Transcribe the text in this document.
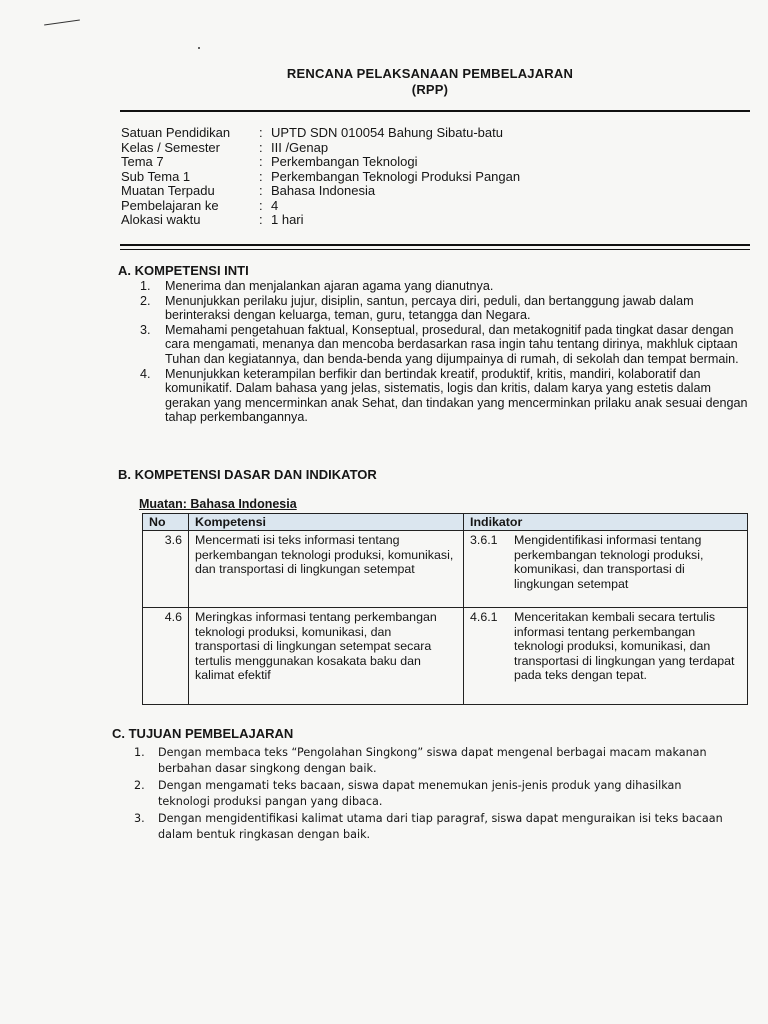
RENCANA PELAKSANAAN PEMBELAJARAN
(RPP)
Satuan Pendidikan	: UPTD SDN 010054 Bahung Sibatu-batu
Kelas / Semester	: III /Genap
Tema 7	: Perkembangan Teknologi
Sub Tema 1	: Perkembangan Teknologi Produksi Pangan
Muatan Terpadu	: Bahasa Indonesia
Pembelajaran ke	: 4
Alokasi waktu	: 1 hari
A. KOMPETENSI INTI
1.	Menerima dan menjalankan ajaran agama yang dianutnya.
2.	Menunjukkan perilaku jujur, disiplin, santun, percaya diri, peduli, dan bertanggung jawab dalam berinteraksi dengan keluarga, teman, guru, tetangga dan Negara.
3.	Memahami pengetahuan faktual, Konseptual, prosedural, dan metakognitif pada tingkat dasar dengan cara mengamati, menanya dan mencoba berdasarkan rasa ingin tahu tentang dirinya, makhluk ciptaan Tuhan dan kegiatannya, dan benda-benda yang dijumpainya di rumah, di sekolah dan tempat bermain.
4.	Menunjukkan keterampilan berfikir dan bertindak kreatif, produktif, kritis, mandiri, kolaboratif dan komunikatif. Dalam bahasa yang jelas, sistematis, logis dan kritis, dalam karya yang estetis dalam gerakan yang mencerminkan anak Sehat, dan tindakan yang mencerminkan prilaku anak sesuai dengan tahap perkembangannya.
B. KOMPETENSI DASAR DAN INDIKATOR
Muatan: Bahasa Indonesia
No	Kompetensi	Indikator
3.6	Mencermati isi teks informasi tentang perkembangan teknologi produksi, komunikasi, dan transportasi di lingkungan setempat	3.6.1 Mengidentifikasi informasi tentang perkembangan teknologi produksi, komunikasi, dan transportasi di lingkungan setempat

4.6	Meringkas informasi tentang perkembangan teknologi produksi, komunikasi, dan transportasi di lingkungan setempat secara tertulis menggunakan kosakata baku dan kalimat efektif	4.6.1 Menceritakan kembali secara tertulis informasi tentang perkembangan teknologi produksi, komunikasi, dan transportasi di lingkungan yang terdapat pada teks dengan tepat.
C. TUJUAN PEMBELAJARAN
1.	Dengan membaca teks “Pengolahan Singkong” siswa dapat mengenal berbagai macam makanan berbahan dasar singkong dengan baik.
2.	Dengan mengamati teks bacaan, siswa dapat menemukan jenis-jenis produk yang dihasilkan teknologi produksi pangan yang dibaca.
3.	Dengan mengidentifikasi kalimat utama dari tiap paragraf, siswa dapat menguraikan isi teks bacaan dalam bentuk ringkasan dengan baik.
